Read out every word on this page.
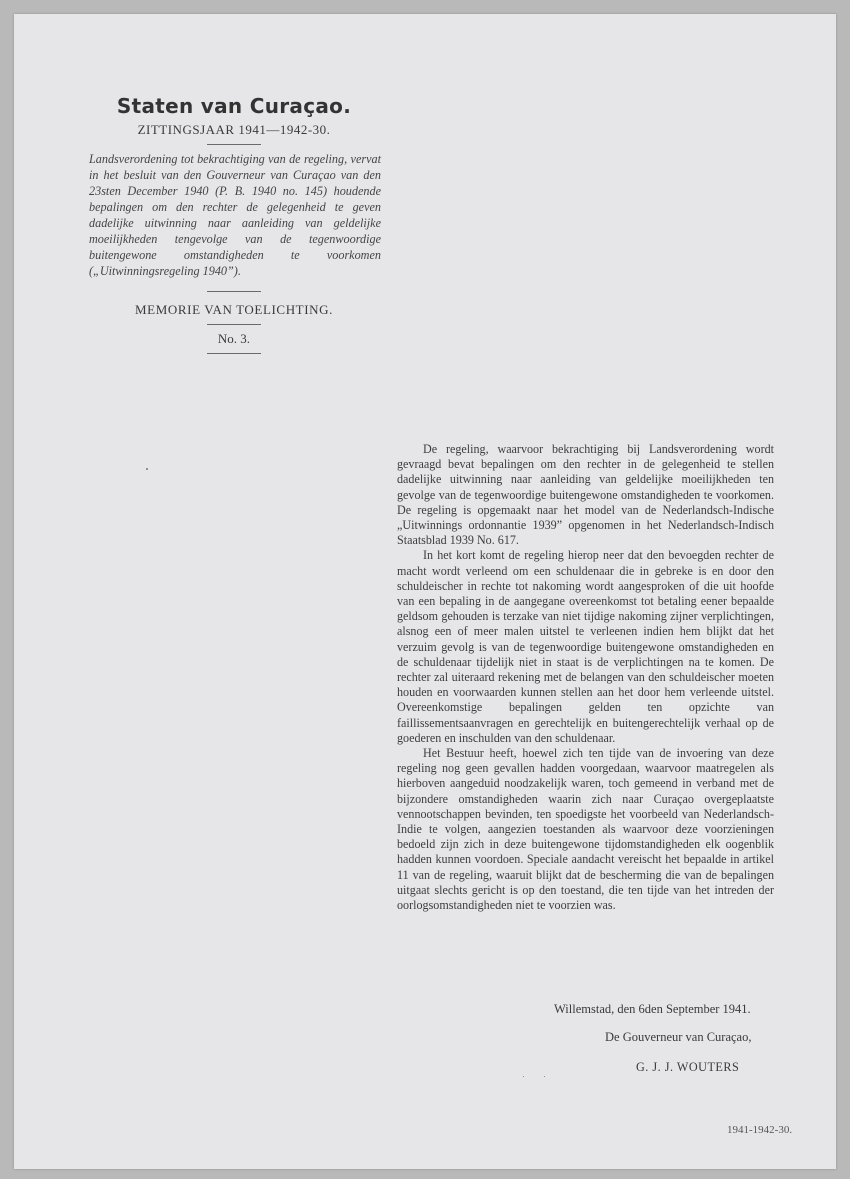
Staten van Curaçao.
ZITTINGSJAAR 1941—1942-30.

Landsverordening tot bekrachtiging van de regeling, vervat in het besluit van den Gouverneur van Curaçao van den 23sten December 1940 (P. B. 1940 no. 145) houdende bepalingen om den rechter de gelegenheid te geven dadelijke uitwinning naar aanleiding van geldelijke moeilijkheden tengevolge van de tegenwoordige buitengewone omstandigheden te voorkomen („Uitwinningsregeling 1940”).

MEMORIE VAN TOELICHTING.
No. 3.

De regeling, waarvoor bekrachtiging bij Landsverordening wordt gevraagd bevat bepalingen om den rechter in de gelegenheid te stellen dadelijke uitwinning naar aanleiding van geldelijke moeilijkheden ten gevolge van de tegenwoordige buitengewone omstandigheden te voorkomen. De regeling is opgemaakt naar het model van de Nederlandsch-Indische „Uitwinnings ordonnantie 1939” opgenomen in het Nederlandsch-Indisch Staatsblad 1939 No. 617.

In het kort komt de regeling hierop neer dat den bevoegden rechter de macht wordt verleend om een schuldenaar die in gebreke is en door den schuldeischer in rechte tot nakoming wordt aangesproken of die uit hoofde van een bepaling in de aangegane overeenkomst tot betaling eener bepaalde geldsom gehouden is terzake van niet tijdige nakoming zijner verplichtingen, alsnog een of meer malen uitstel te verleenen indien hem blijkt dat het verzuim gevolg is van de tegenwoordige buitengewone omstandigheden en de schuldenaar tijdelijk niet in staat is de verplichtingen na te komen. De rechter zal uiteraard rekening met de belangen van den schuldeischer moeten houden en voorwaarden kunnen stellen aan het door hem verleende uitstel. Overeenkomstige bepalingen gelden ten opzichte van faillissementsaanvragen en gerechtelijk en buitengerechtelijk verhaal op de goederen en inschulden van den schuldenaar.

Het Bestuur heeft, hoewel zich ten tijde van de invoering van deze regeling nog geen gevallen hadden voorgedaan, waarvoor maatregelen als hierboven aangeduid noodzakelijk waren, toch gemeend in verband met de bijzondere omstandigheden waarin zich naar Curaçao overgeplaatste vennootschappen bevinden, ten spoedigste het voorbeeld van Nederlandsch-Indie te volgen, aangezien toestanden als waarvoor deze voorzieningen bedoeld zijn zich in deze buitengewone tijdomstandigheden elk oogenblik hadden kunnen voordoen. Speciale aandacht vereischt het bepaalde in artikel 11 van de regeling, waaruit blijkt dat de bescherming die van de bepalingen uitgaat slechts gericht is op den toestand, die ten tijde van het intreden der oorlogsomstandigheden niet te voorzien was.

Willemstad, den 6den September 1941.
De Gouverneur van Curaçao,
G. J. J. WOUTERS
1941-1942-30.
